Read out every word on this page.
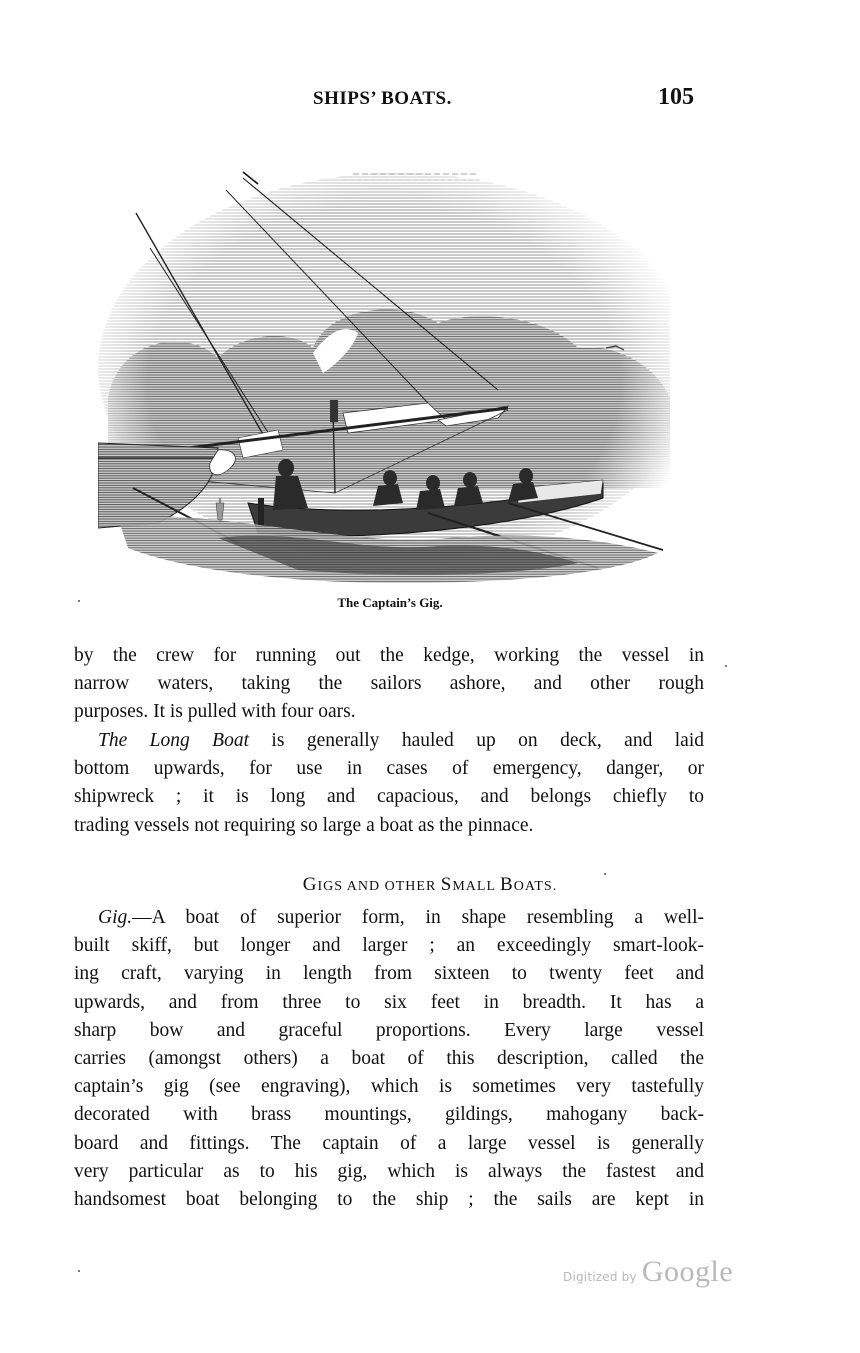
SHIPS’ BOATS.	105
The Captain’s Gig.
by the crew for running out the kedge, working the vessel in
narrow waters, taking the sailors ashore, and other rough
purposes. It is pulled with four oars.
The Long Boat is generally hauled up on deck, and laid
bottom upwards, for use in cases of emergency, danger, or
shipwreck ; it is long and capacious, and belongs chiefly to
trading vessels not requiring so large a boat as the pinnace.
GIGS AND OTHER SMALL BOATS.
Gig.—A boat of superior form, in shape resembling a well-
built skiff, but longer and larger ; an exceedingly smart-look-
ing craft, varying in length from sixteen to twenty feet and
upwards, and from three to six feet in breadth. It has a
sharp bow and graceful proportions. Every large vessel
carries (amongst others) a boat of this description, called the
captain’s gig (see engraving), which is sometimes very tastefully
decorated with brass mountings, gildings, mahogany back-
board and fittings. The captain of a large vessel is generally
very particular as to his gig, which is always the fastest and
handsomest boat belonging to the ship ; the sails are kept in
Digitized by Google
